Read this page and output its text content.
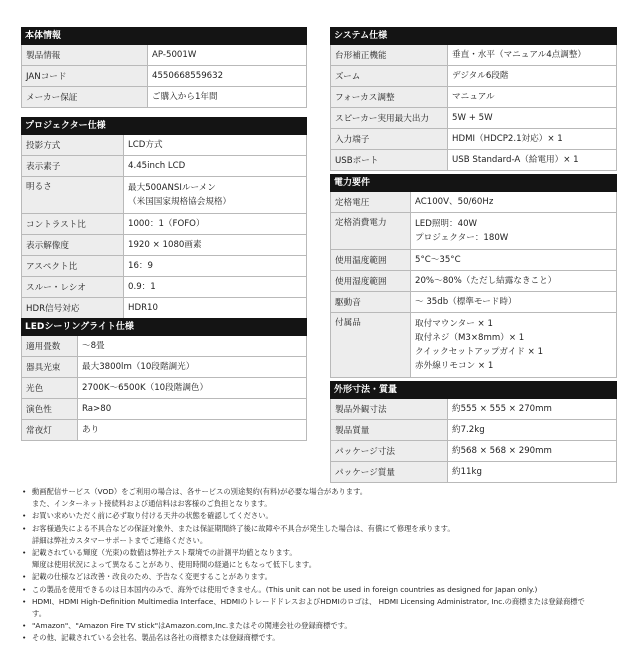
本体情報
製品情報	AP-5001W
JANコード	4550668559632
メーカー保証	ご購入から1年間
プロジェクター仕様
投影方式	LCD方式
表示素子	4.45inch LCD
明るさ	最大500ANSIルーメン
（米国国家規格協会規格）
コントラスト比	1000：1（FOFO）
表示解像度	1920 × 1080画素
アスペクト比	16：9
スルー・レシオ	0.9：1
HDR信号対応	HDR10
LEDシーリングライト仕様
適用畳数	〜8畳
器具光束	最大3800lm（10段階調光）
光色	2700K〜6500K（10段階調色）
演色性	Ra>80
常夜灯	あり
システム仕様
台形補正機能	垂直・水平（マニュアル4点調整）
ズーム	デジタル6段階
フォーカス調整	マニュアル
スピーカー実用最大出力	5W + 5W
入力端子	HDMI（HDCP2.1対応）× 1
USBポート	USB Standard-A（給電用）× 1
電力要件
定格電圧	AC100V、50/60Hz
定格消費電力	LED照明：40W
プロジェクター：180W
使用温度範囲	5°C〜35°C
使用湿度範囲	20%〜80%（ただし結露なきこと）
駆動音	〜 35db（標準モード時）
付属品	取付マウンター × 1
取付ネジ（M3×8mm）× 1
クイックセットアップガイド × 1
赤外線リモコン × 1
外形寸法・質量
製品外観寸法	約555 × 555 × 270mm
製品質量	約7.2kg
パッケージ寸法	約568 × 568 × 290mm
パッケージ質量	約11kg
• 動画配信サービス（VOD）をご利用の場合は、各サービスの別途契約(有料)が必要な場合があります。
また、インターネット接続料および通信料はお客様のご負担となります。
• お買い求めいただく前に必ず取り付ける天井の状態を確認してください。
• お客様過失による不具合などの保証対象外、または保証期間終了後に故障や不具合が発生した場合は、有償にて修理を承ります。
詳細は弊社カスタマーサポートまでご連絡ください。
• 記載されている輝度（光束)の数値は弊社テスト環境での計測平均値となります。
輝度は使用状況によって異なることがあり、使用時間の経過にともなって低下します。
• 記載の仕様などは改善・改良のため、予告なく変更することがあります。
• この製品を使用できるのは日本国内のみで、海外では使用できません。(This unit can not be used in foreign countries as designed for Japan only.)
• HDMI、HDMI High-Definition Multimedia Interface、HDMIのトレードドレスおよびHDMIのロゴは、 HDMI Licensing Administrator, Inc.の商標または登録商標で
す。
• "Amazon"、"Amazon Fire TV stick"はAmazon.com,Inc.またはその関連会社の登録商標です。
• その他、記載されている会社名、製品名は各社の商標または登録商標です。
